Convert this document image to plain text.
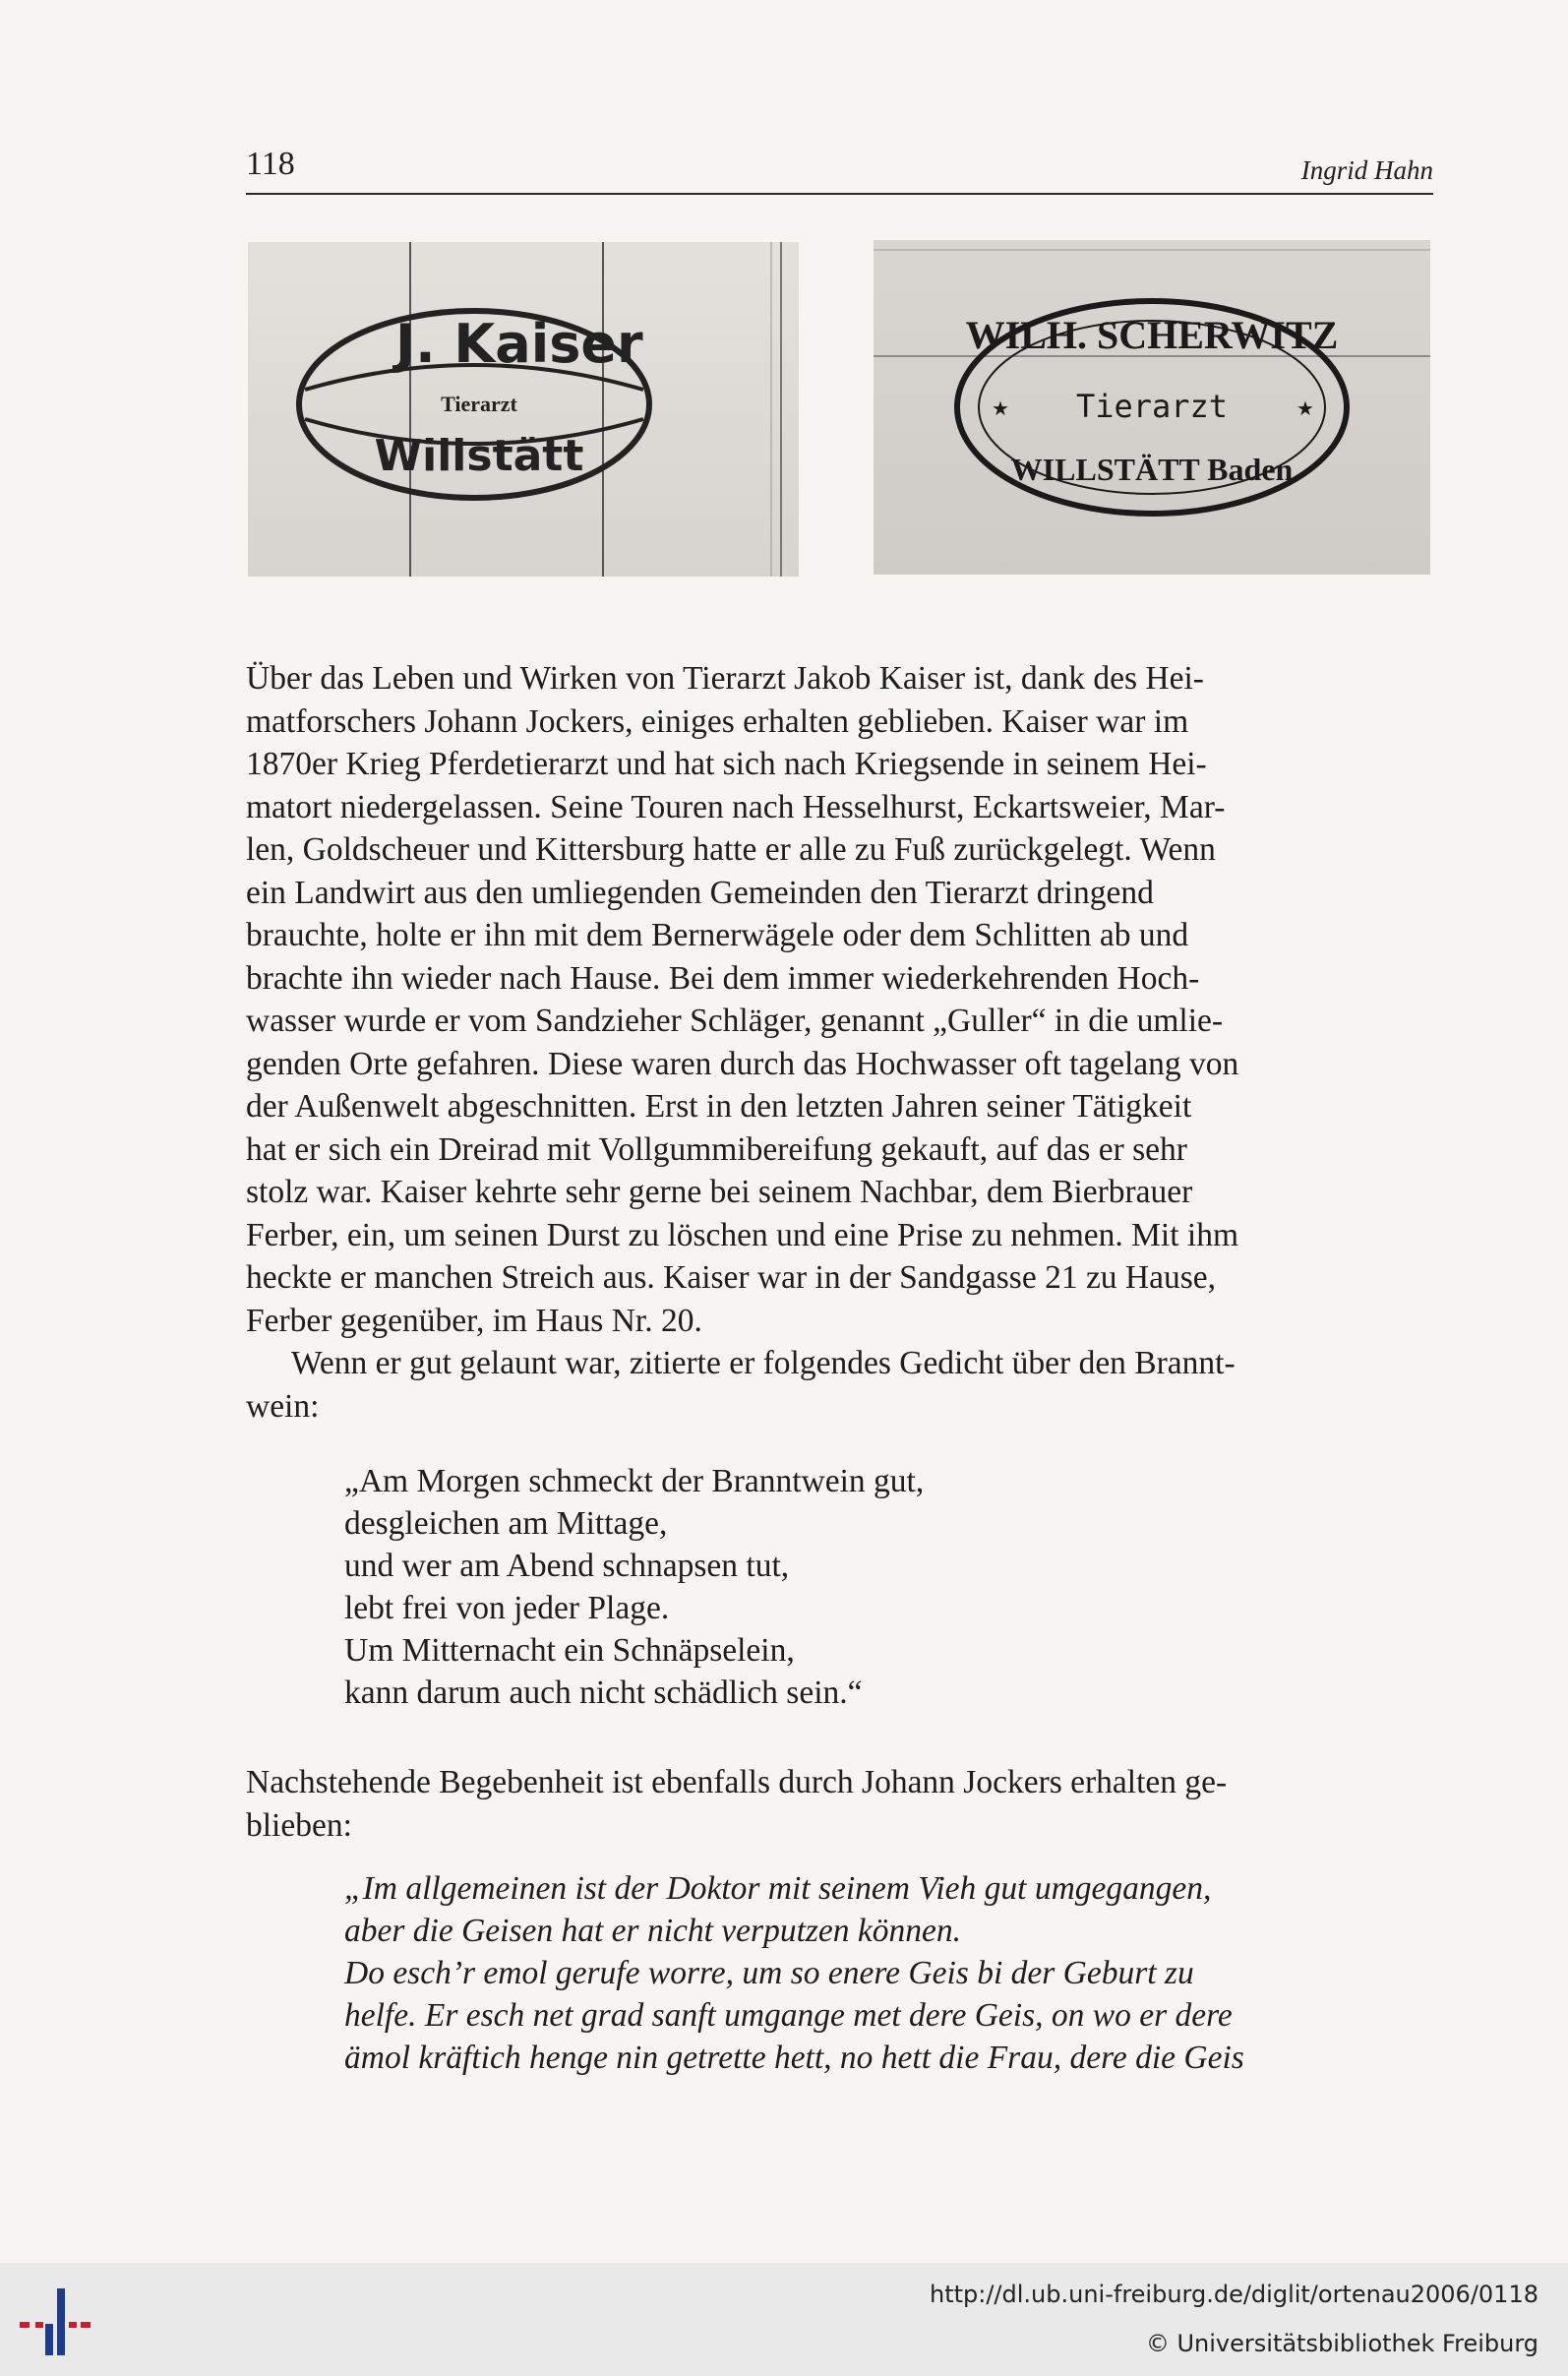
118	Ingrid Hahn
J. Kaiser
Tierarzt
Willstätt
WILH. SCHERWITZ
Tierarzt
WILLSTÄTT Baden
★	★
Über das Leben und Wirken von Tierarzt Jakob Kaiser ist, dank des Hei-
matforschers Johann Jockers, einiges erhalten geblieben. Kaiser war im
1870er Krieg Pferdetierarzt und hat sich nach Kriegsende in seinem Hei-
matort niedergelassen. Seine Touren nach Hesselhurst, Eckartsweier, Mar-
len, Goldscheuer und Kittersburg hatte er alle zu Fuß zurückgelegt. Wenn
ein Landwirt aus den umliegenden Gemeinden den Tierarzt dringend
brauchte, holte er ihn mit dem Bernerwägele oder dem Schlitten ab und
brachte ihn wieder nach Hause. Bei dem immer wiederkehrenden Hoch-
wasser wurde er vom Sandzieher Schläger, genannt „Guller“ in die umlie-
genden Orte gefahren. Diese waren durch das Hochwasser oft tagelang von
der Außenwelt abgeschnitten. Erst in den letzten Jahren seiner Tätigkeit
hat er sich ein Dreirad mit Vollgummibereifung gekauft, auf das er sehr
stolz war. Kaiser kehrte sehr gerne bei seinem Nachbar, dem Bierbrauer
Ferber, ein, um seinen Durst zu löschen und eine Prise zu nehmen. Mit ihm
heckte er manchen Streich aus. Kaiser war in der Sandgasse 21 zu Hause,
Ferber gegenüber, im Haus Nr. 20.
Wenn er gut gelaunt war, zitierte er folgendes Gedicht über den Brannt-
wein:
„Am Morgen schmeckt der Branntwein gut,
desgleichen am Mittage,
und wer am Abend schnapsen tut,
lebt frei von jeder Plage.
Um Mitternacht ein Schnäpselein,
kann darum auch nicht schädlich sein.“
Nachstehende Begebenheit ist ebenfalls durch Johann Jockers erhalten ge-
blieben:
„Im allgemeinen ist der Doktor mit seinem Vieh gut umgegangen,
aber die Geisen hat er nicht verputzen können.
Do esch’r emol gerufe worre, um so enere Geis bi der Geburt zu
helfe. Er esch net grad sanft umgange met dere Geis, on wo er dere
ämol kräftich henge nin getrette hett, no hett die Frau, dere die Geis
http://dl.ub.uni-freiburg.de/diglit/ortenau2006/0118
© Universitätsbibliothek Freiburg
